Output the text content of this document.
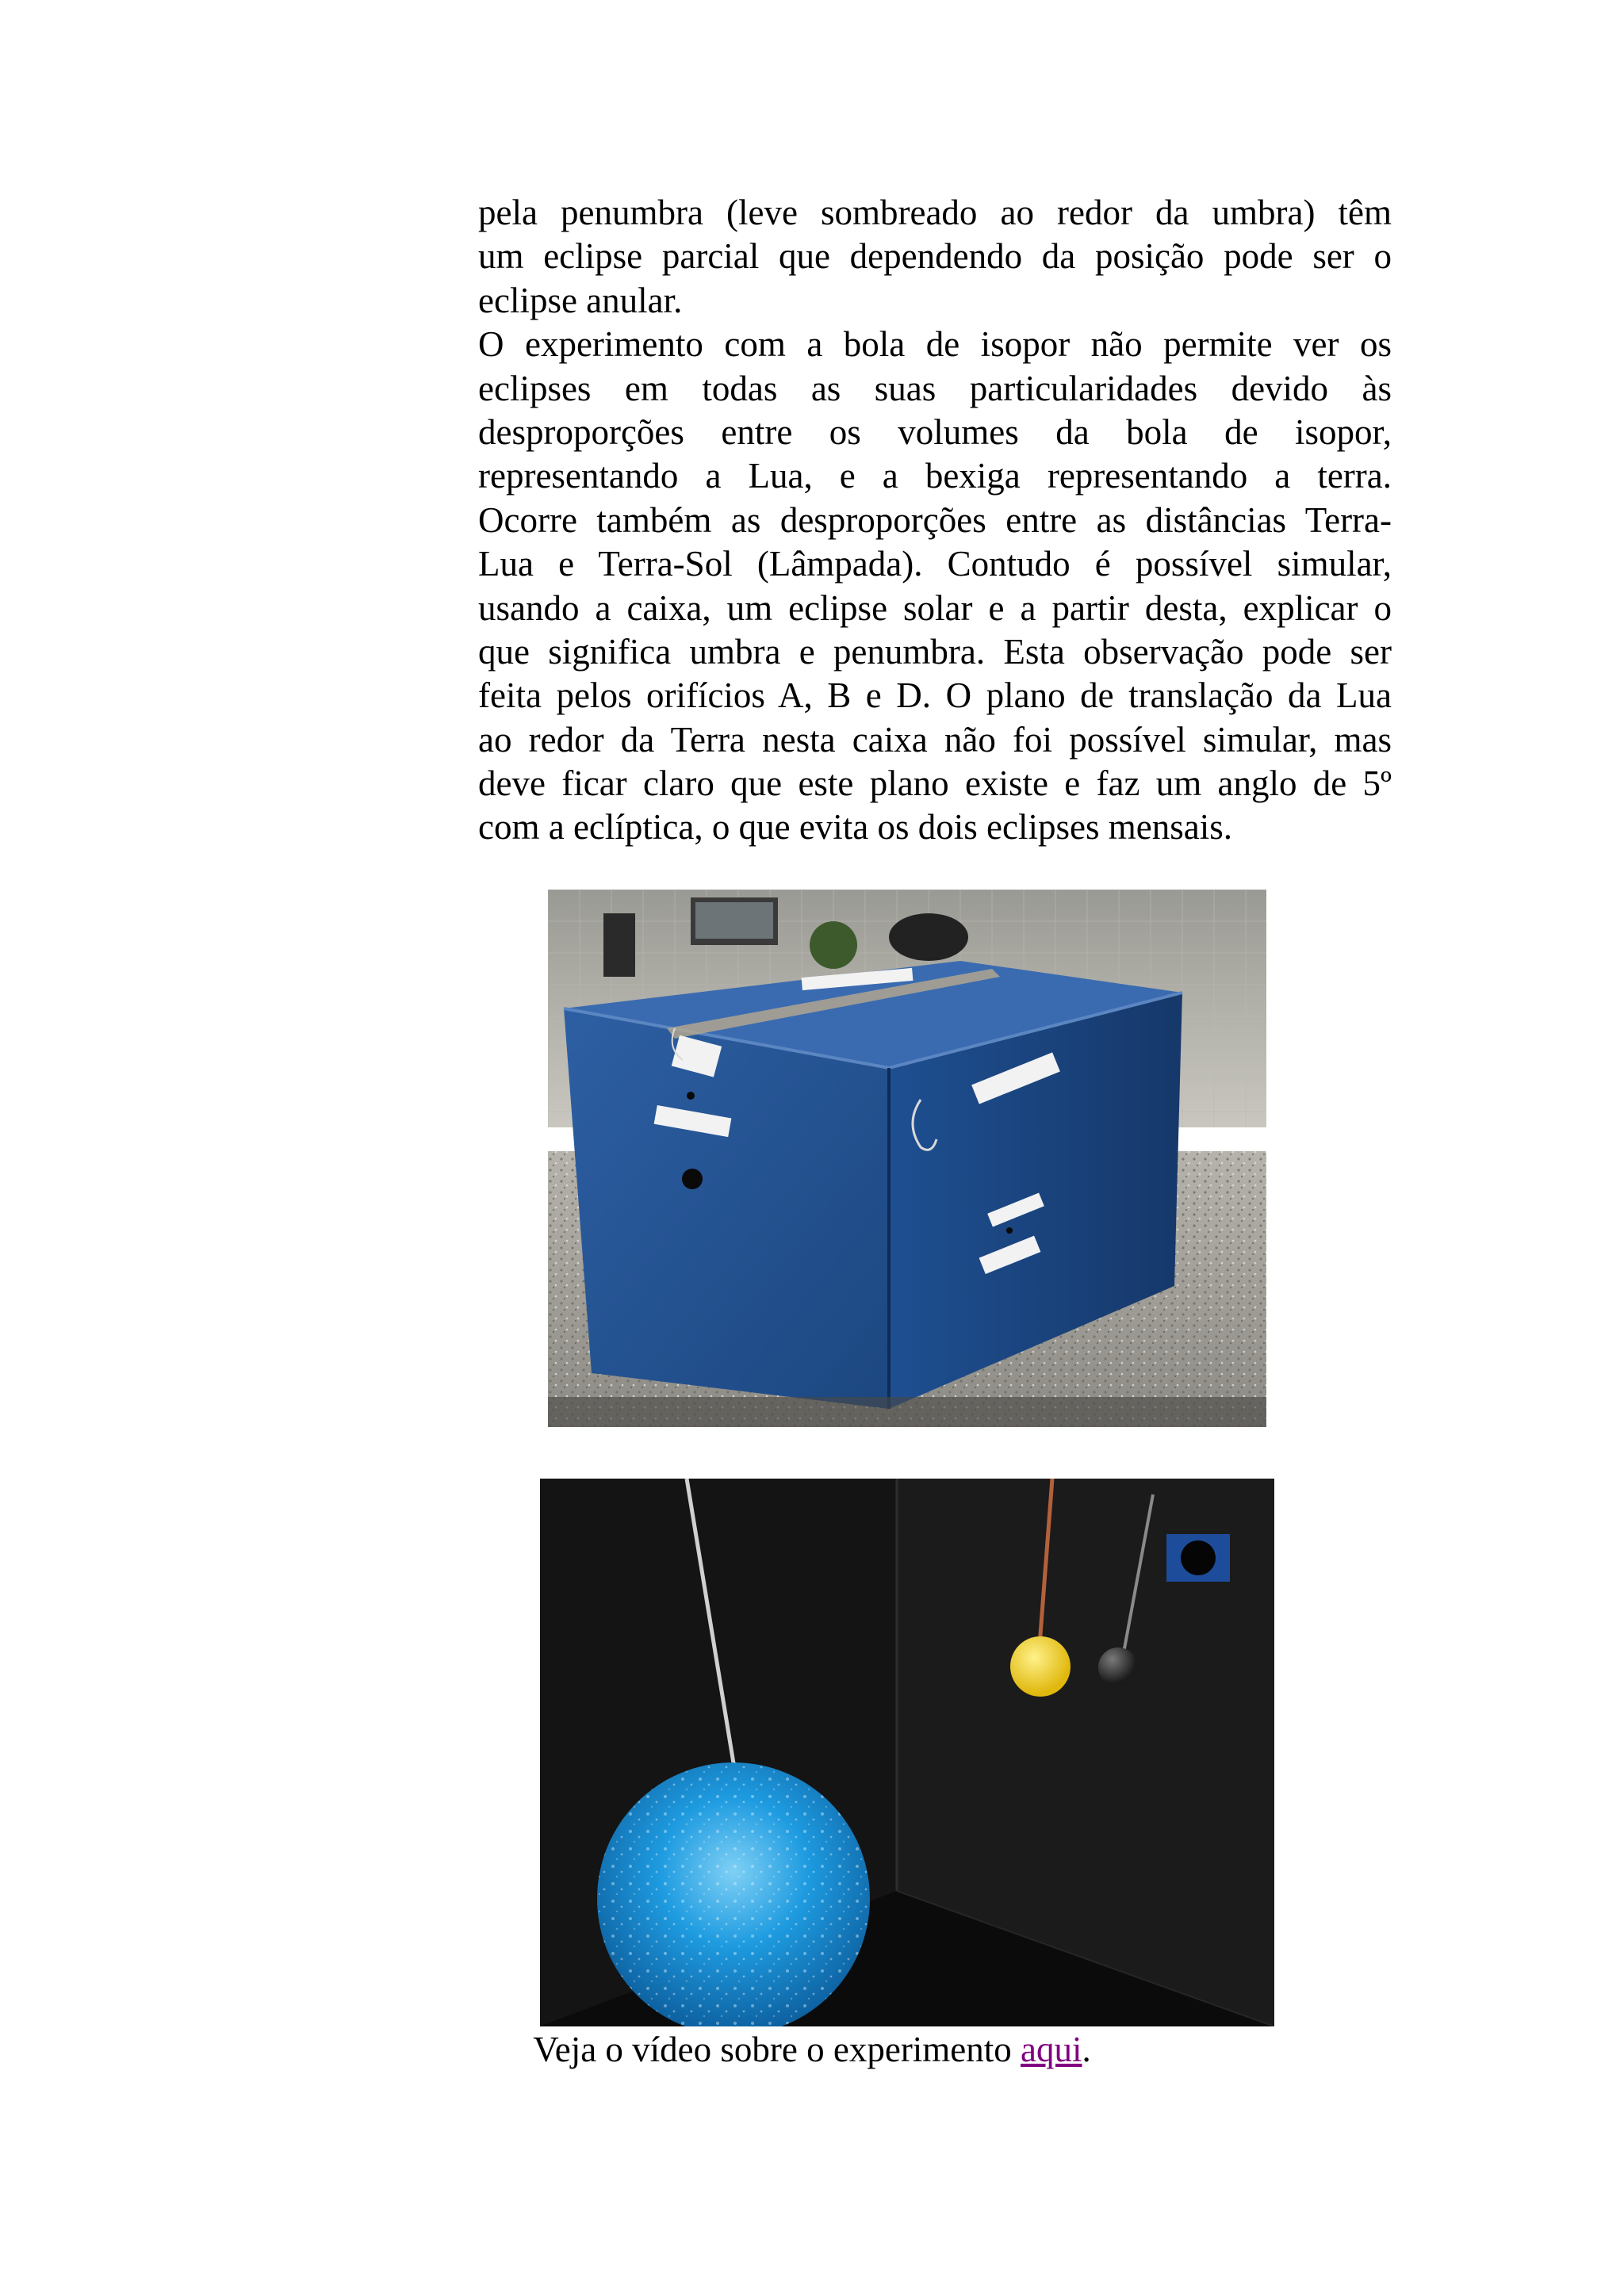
pela penumbra (leve sombreado ao redor da umbra) têm
um eclipse parcial que dependendo da posição pode ser o
eclipse anular.
O experimento com a bola de isopor não permite ver os
eclipses em todas as suas particularidades devido às
desproporções entre os volumes da bola de isopor,
representando a Lua, e a bexiga representando a terra.
Ocorre também as desproporções entre as distâncias Terra-
Lua e Terra-Sol (Lâmpada). Contudo é possível simular,
usando a caixa, um eclipse solar e a partir desta, explicar o
que significa umbra e penumbra. Esta observação pode ser
feita pelos orifícios A, B e D. O plano de translação da Lua
ao redor da Terra nesta caixa não foi possível simular, mas
deve ficar claro que este plano existe e faz um anglo de 5º
com a eclíptica, o que evita os dois eclipses mensais.
Veja o vídeo sobre o experimento aqui.
